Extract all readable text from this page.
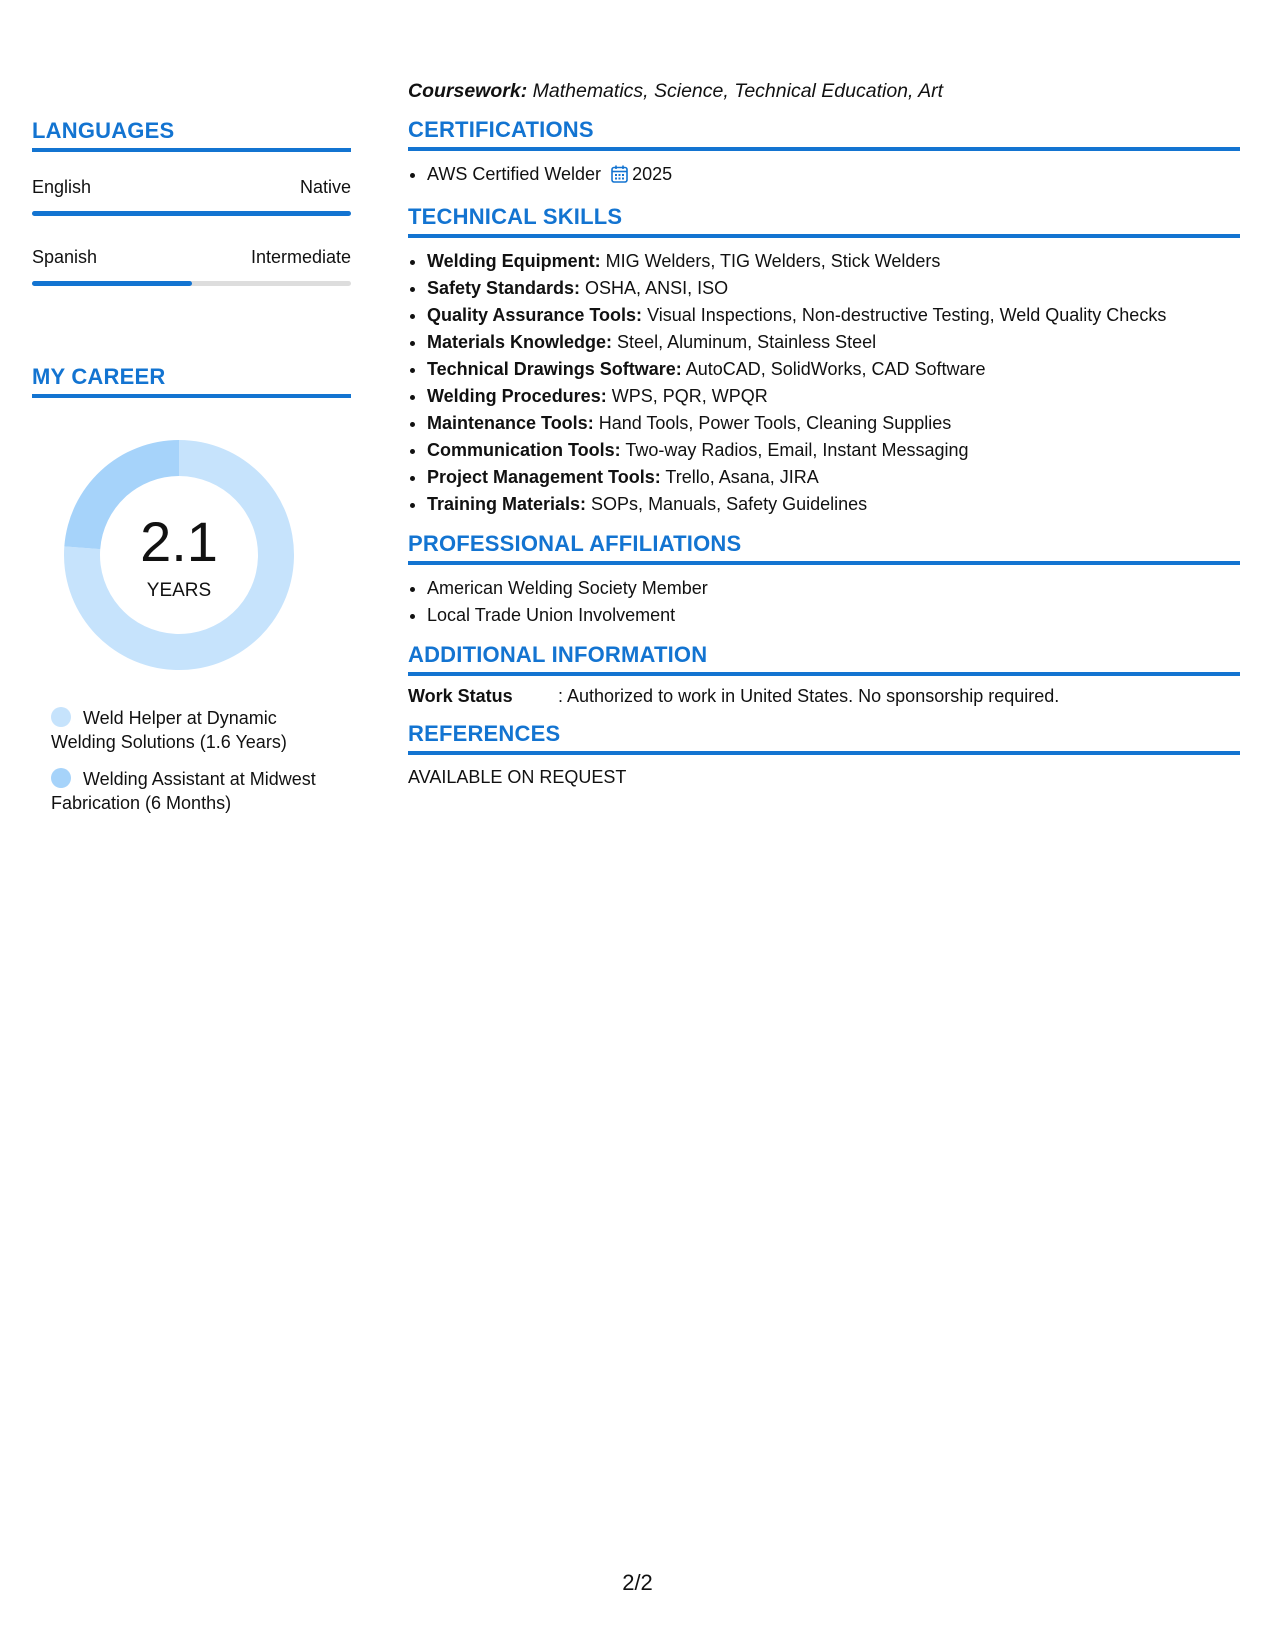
LANGUAGES
English	Native
Spanish	Intermediate
MY CAREER
2.1
YEARS
Weld Helper at Dynamic Welding Solutions (1.6 Years)
Welding Assistant at Midwest Fabrication (6 Months)
Coursework: Mathematics, Science, Technical Education, Art
CERTIFICATIONS
• AWS Certified Welder 2025
TECHNICAL SKILLS
• Welding Equipment: MIG Welders, TIG Welders, Stick Welders
• Safety Standards: OSHA, ANSI, ISO
• Quality Assurance Tools: Visual Inspections, Non-destructive Testing, Weld Quality Checks
• Materials Knowledge: Steel, Aluminum, Stainless Steel
• Technical Drawings Software: AutoCAD, SolidWorks, CAD Software
• Welding Procedures: WPS, PQR, WPQR
• Maintenance Tools: Hand Tools, Power Tools, Cleaning Supplies
• Communication Tools: Two-way Radios, Email, Instant Messaging
• Project Management Tools: Trello, Asana, JIRA
• Training Materials: SOPs, Manuals, Safety Guidelines
PROFESSIONAL AFFILIATIONS
• American Welding Society Member
• Local Trade Union Involvement
ADDITIONAL INFORMATION
Work Status	: Authorized to work in United States. No sponsorship required.
REFERENCES
AVAILABLE ON REQUEST
2/2
